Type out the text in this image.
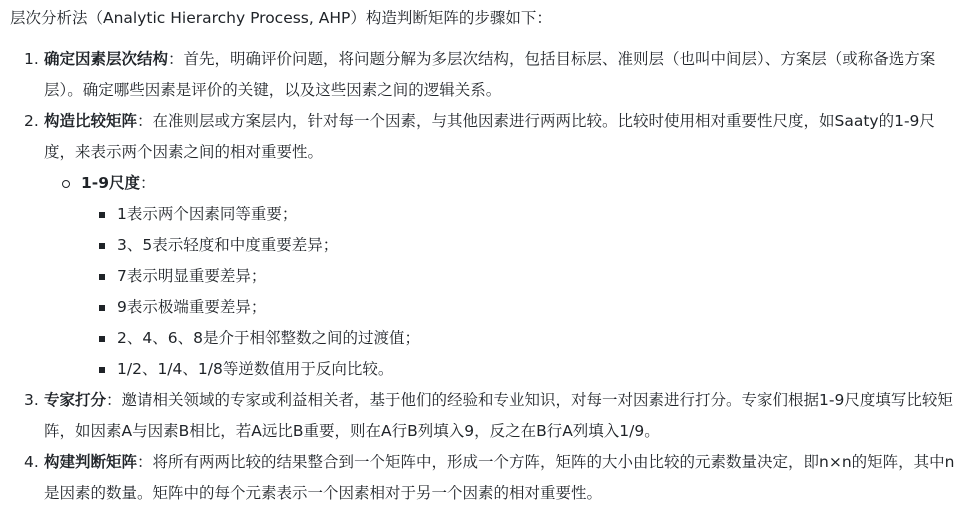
层次分析法（Analytic Hierarchy Process, AHP）构造判断矩阵的步骤如下：
1. 确定因素层次结构：首先，明确评价问题，将问题分解为多层次结构，包括目标层、准则层（也叫中间层）、方案层（或称备选方案层）。确定哪些因素是评价的关键，以及这些因素之间的逻辑关系。
2. 构造比较矩阵：在准则层或方案层内，针对每一个因素，与其他因素进行两两比较。比较时使用相对重要性尺度，如Saaty的1-9尺度，来表示两个因素之间的相对重要性。
1-9尺度：
1表示两个因素同等重要；
3、5表示轻度和中度重要差异；
7表示明显重要差异；
9表示极端重要差异；
2、4、6、8是介于相邻整数之间的过渡值；
1/2、1/4、1/8等逆数值用于反向比较。
3. 专家打分：邀请相关领域的专家或利益相关者，基于他们的经验和专业知识，对每一对因素进行打分。专家们根据1-9尺度填写比较矩阵，如因素A与因素B相比，若A远比B重要，则在A行B列填入9，反之在B行A列填入1/9。
4. 构建判断矩阵：将所有两两比较的结果整合到一个矩阵中，形成一个方阵，矩阵的大小由比较的元素数量决定，即n×n的矩阵，其中n是因素的数量。矩阵中的每个元素表示一个因素相对于另一个因素的相对重要性。
